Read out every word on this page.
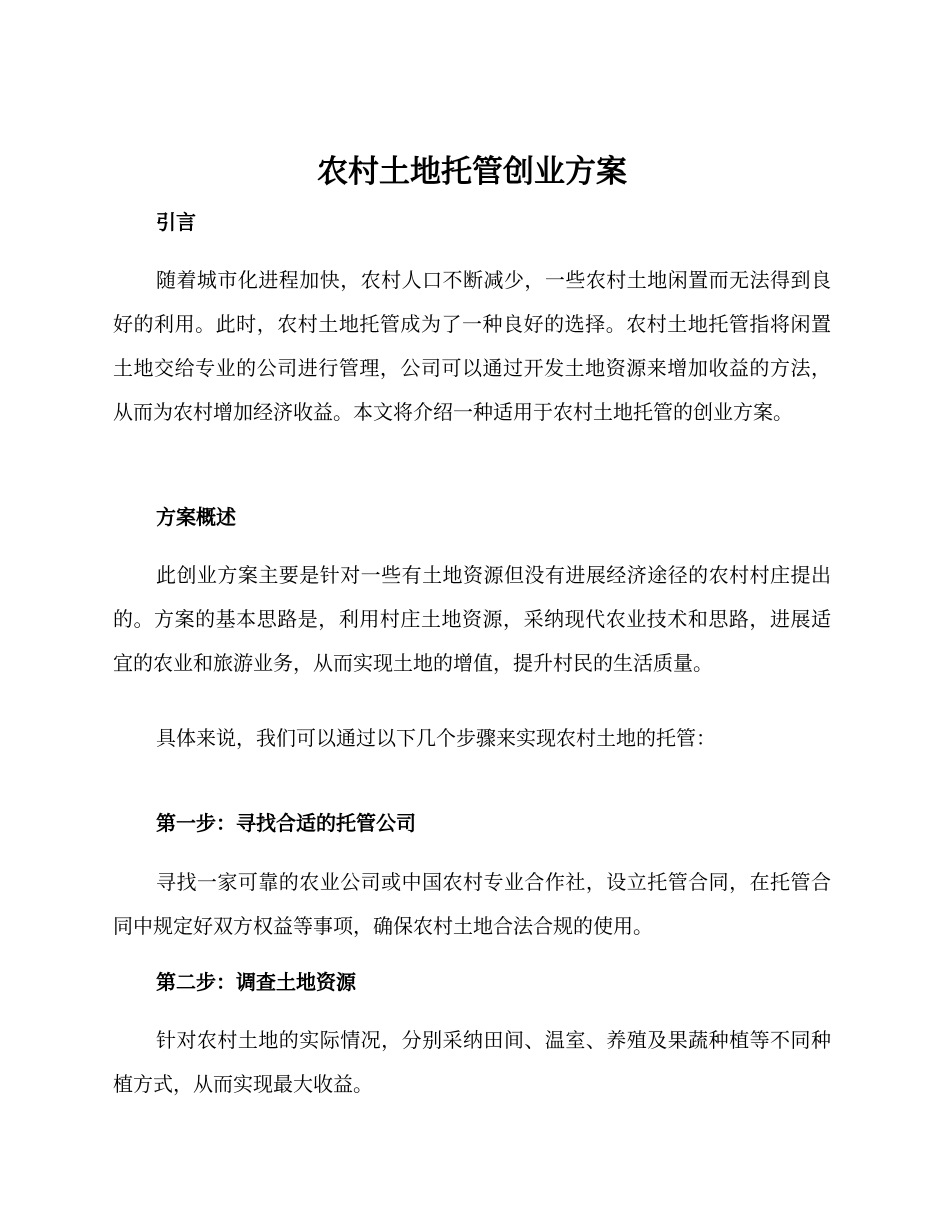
农村土地托管创业方案
引言

随着城市化进程加快，农村人口不断减少，一些农村土地闲置而无法得到良好的利用。此时，农村土地托管成为了一种良好的选择。农村土地托管指将闲置土地交给专业的公司进行管理，公司可以通过开发土地资源来增加收益的方法，从而为农村增加经济收益。本文将介绍一种适用于农村土地托管的创业方案。

方案概述

此创业方案主要是针对一些有土地资源但没有进展经济途径的农村村庄提出的。方案的基本思路是，利用村庄土地资源，采纳现代农业技术和思路，进展适宜的农业和旅游业务，从而实现土地的增值，提升村民的生活质量。

具体来说，我们可以通过以下几个步骤来实现农村土地的托管：

第一步：寻找合适的托管公司

寻找一家可靠的农业公司或中国农村专业合作社，设立托管合同，在托管合同中规定好双方权益等事项，确保农村土地合法合规的使用。

第二步：调查土地资源

针对农村土地的实际情况，分别采纳田间、温室、养殖及果蔬种植等不同种植方式，从而实现最大收益。
